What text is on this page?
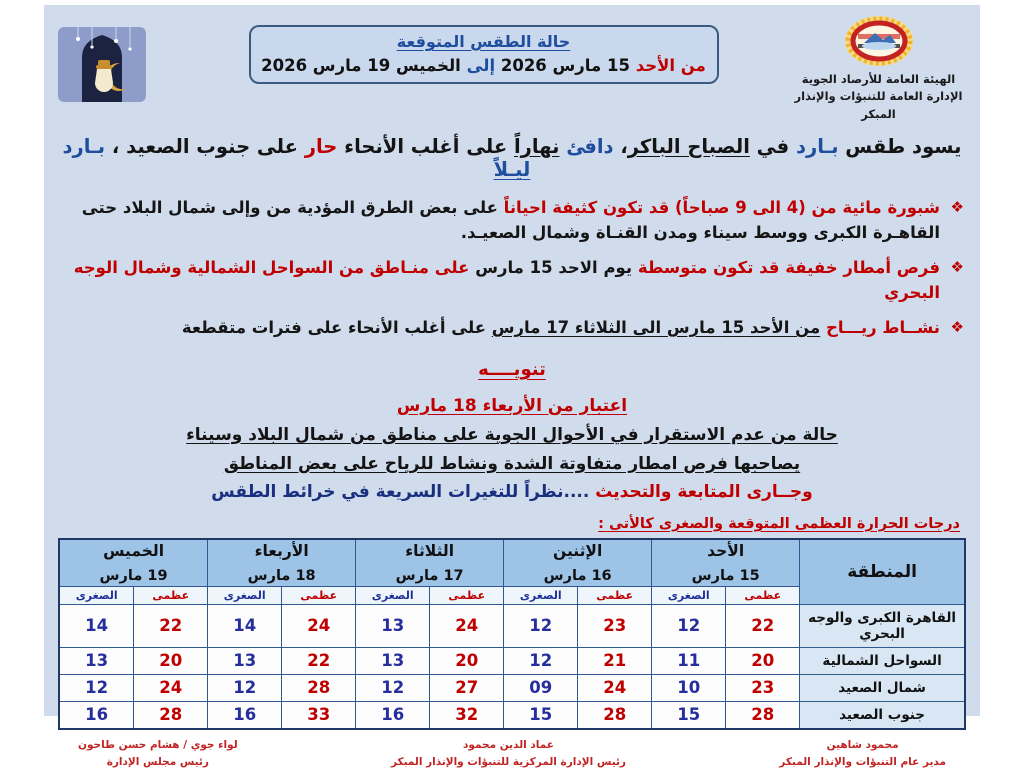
الهيئة العامة للأرصاد الجوية
الإدارة العامة للتنبؤات والإنذار المبكر
حالة الطقس المتوقعة
من الأحد 15 مارس 2026 إلى الخميس 19 مارس 2026
يسود طقس بـارد في الصباح الباكر، دافئ نهاراً على أغلب الأنحاء حار على جنوب الصعيد ، بـارد ليـلاً
❖
شبورة مائية من (4 الى 9 صباحاً) قد تكون كثيفة احياناً على بعض الطرق المؤدية من وإلى شمال البلاد حتى القاهـرة الكبرى ووسط سيناء ومدن القنـاة وشمال الصعيـد.
❖
فرص أمطار خفيفة قد تكون متوسطة يوم الاحد 15 مارس على منـاطق من السواحل الشمالية وشمال الوجه البحري
❖
نشــاط ريـــاح من الأحد 15 مارس الى الثلاثاء 17 مارس على أغلب الأنحاء على فترات متقطعة
تنويــــه
اعتبار من الأربعاء 18 مارس
حالة من عدم الاستقرار في الأحوال الجوية على مناطق من شمال البلاد وسيناء
يصاحبها فرص امطار متفاوتة الشدة ونشاط للرياح على بعض المناطق
وجــارى المتابعة والتحديث ....نظراً للتغيرات السريعة في خرائط الطقس
درجات الحرارة العظمى المتوقعة والصغرى كالأتى :
المنطقة	
الأحد
15 مارس

الإثنين
16 مارس

الثلاثاء
17 مارس

الأربعاء
18 مارس

الخميس
19 مارس

	عظمى	الصغرى	عظمى	الصغرى	عظمى	الصغرى	عظمى	الصغرى	عظمى	الصغرى
القاهرة الكبرى والوجه البحري	22	12	23	12	24	13	24	14	22	14
السواحل الشمالية	20	11	21	12	20	13	22	13	20	13
شمال الصعيد	23	10	24	09	27	12	28	12	24	12
جنوب الصعيد	28	15	28	15	32	16	33	16	28	16
محمود شاهين
مدير عام التنبؤات والإنذار المبكر
عماد الدين محمود
رئيس الإدارة المركزية للتنبؤات والإنذار المبكر
لواء جوي / هشام حسن طاحون
رئيس مجلس الإدارة
